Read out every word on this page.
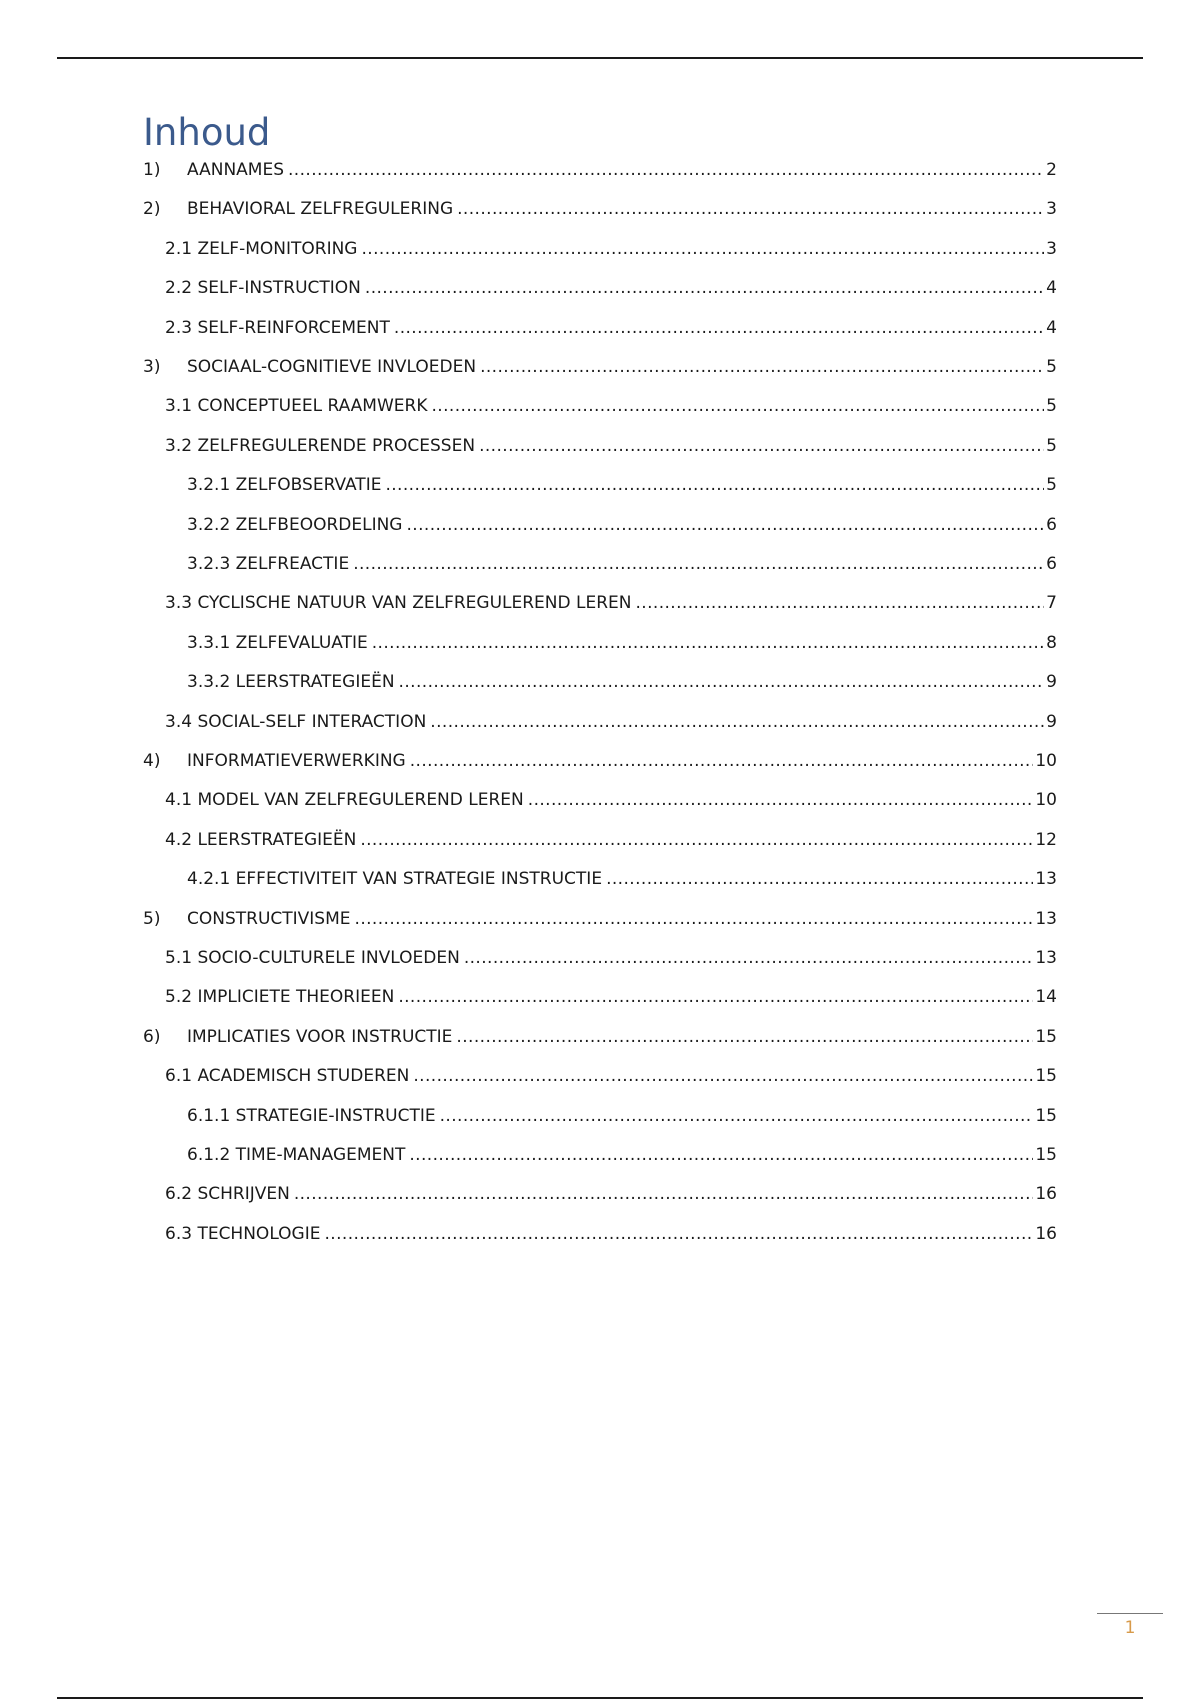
Inhoud
1)	AANNAMES .....	2
2)	BEHAVIORAL ZELFREGULERING .....	3
2.1 ZELF-MONITORING .....	3
2.2 SELF-INSTRUCTION .....	4
2.3 SELF-REINFORCEMENT .....	4
3)	SOCIAAL-COGNITIEVE INVLOEDEN .....	5
3.1 CONCEPTUEEL RAAMWERK .....	5
3.2 ZELFREGULERENDE PROCESSEN .....	5
3.2.1 ZELFOBSERVATIE .....	5
3.2.2 ZELFBEOORDELING .....	6
3.2.3 ZELFREACTIE .....	6
3.3 CYCLISCHE NATUUR VAN ZELFREGULEREND LEREN .....	7
3.3.1 ZELFEVALUATIE .....	8
3.3.2 LEERSTRATEGIEËN .....	9
3.4 SOCIAL-SELF INTERACTION .....	9
4)	INFORMATIEVERWERKING .....	10
4.1 MODEL VAN ZELFREGULEREND LEREN .....	10
4.2 LEERSTRATEGIEËN .....	12
4.2.1 EFFECTIVITEIT VAN STRATEGIE INSTRUCTIE .....	13
5)	CONSTRUCTIVISME .....	13
5.1 SOCIO-CULTURELE INVLOEDEN .....	13
5.2 IMPLICIETE THEORIEEN .....	14
6)	IMPLICATIES VOOR INSTRUCTIE .....	15
6.1 ACADEMISCH STUDEREN .....	15
6.1.1 STRATEGIE-INSTRUCTIE .....	15
6.1.2 TIME-MANAGEMENT .....	15
6.2 SCHRIJVEN .....	16
6.3 TECHNOLOGIE .....	16
1
